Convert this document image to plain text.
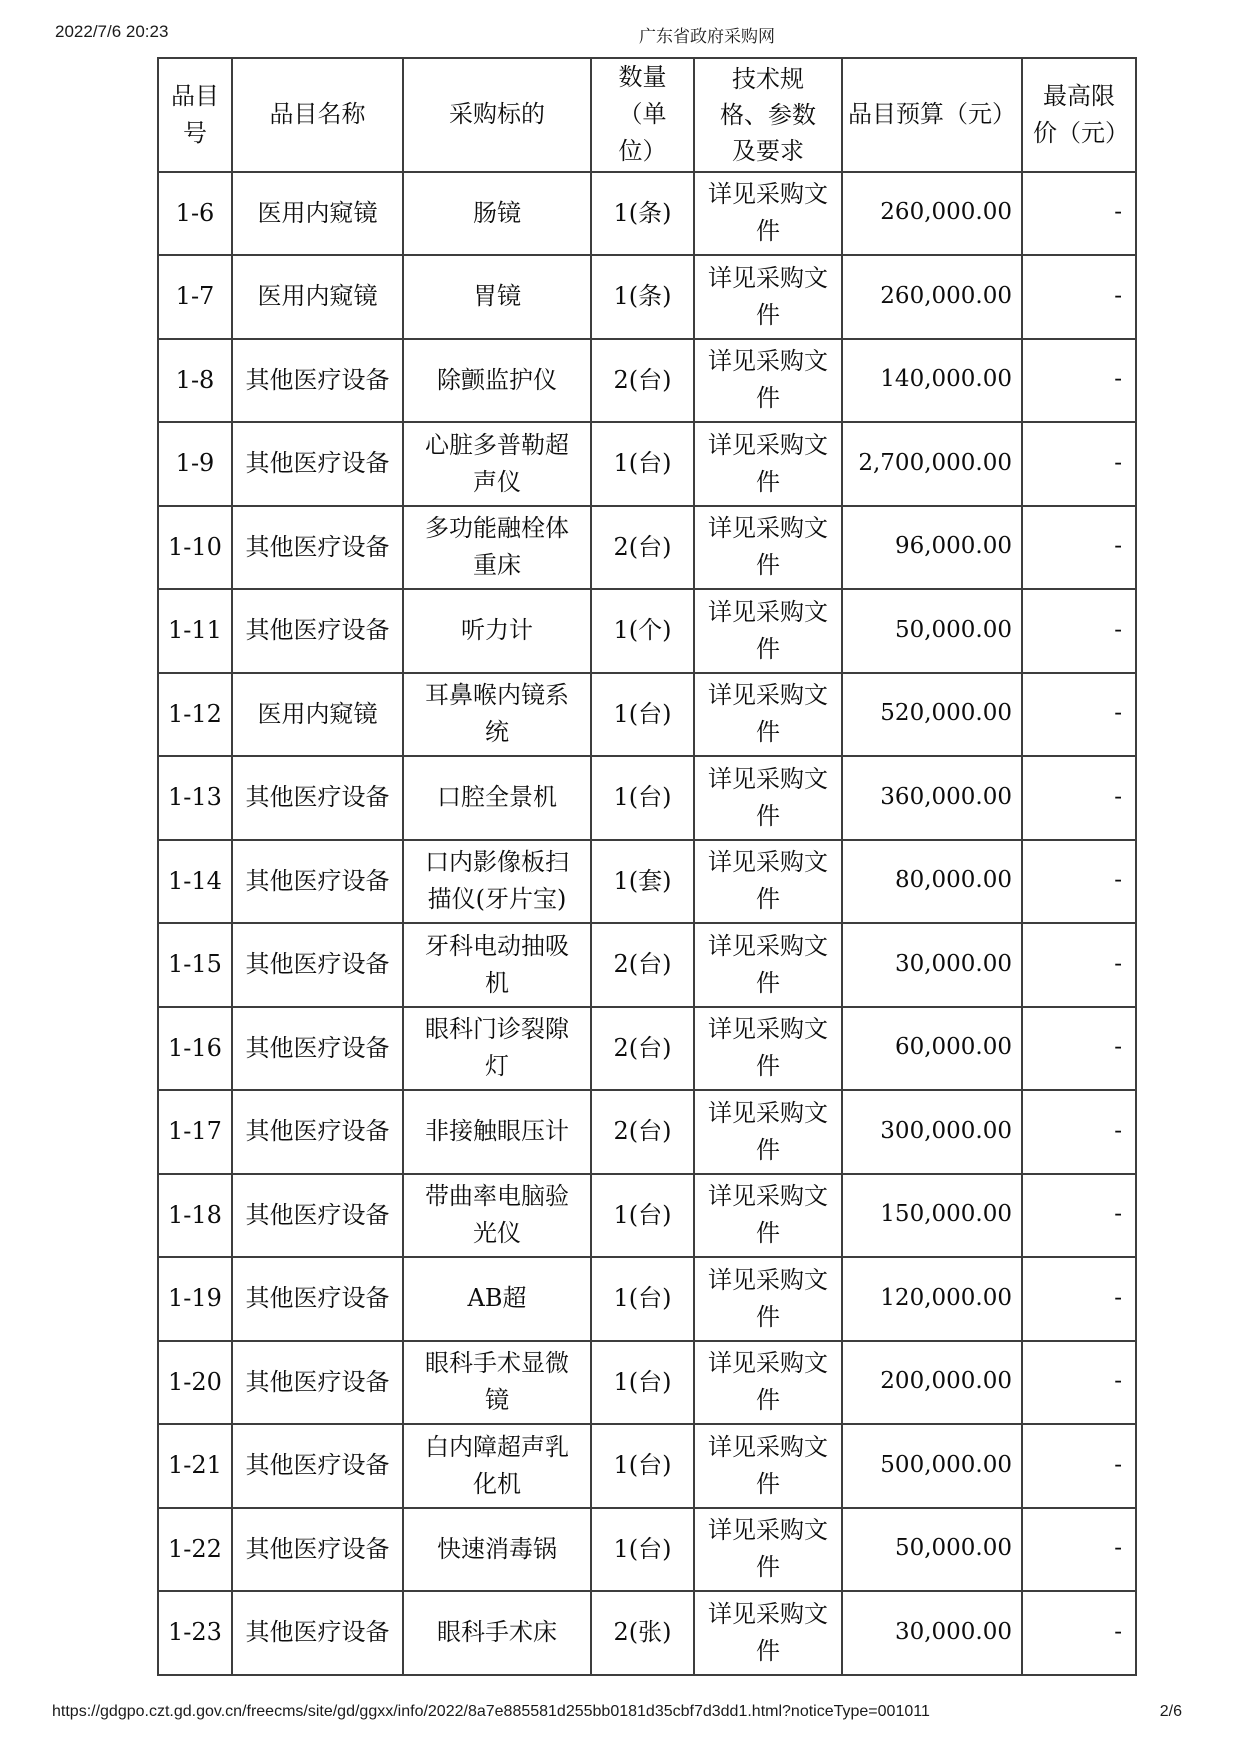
2022/7/6 20:23	广东省政府采购网
品目号	品目名称	采购标的	数量（单位）	技术规格、参数及要求	品目预算（元）	最高限价（元）
1-6	医用内窥镜	肠镜	1(条)	详见采购文件	260,000.00	-
1-7	医用内窥镜	胃镜	1(条)	详见采购文件	260,000.00	-
1-8	其他医疗设备	除颤监护仪	2(台)	详见采购文件	140,000.00	-
1-9	其他医疗设备	心脏多普勒超声仪	1(台)	详见采购文件	2,700,000.00	-
1-10	其他医疗设备	多功能融栓体重床	2(台)	详见采购文件	96,000.00	-
1-11	其他医疗设备	听力计	1(个)	详见采购文件	50,000.00	-
1-12	医用内窥镜	耳鼻喉内镜系统	1(台)	详见采购文件	520,000.00	-
1-13	其他医疗设备	口腔全景机	1(台)	详见采购文件	360,000.00	-
1-14	其他医疗设备	口内影像板扫描仪(牙片宝)	1(套)	详见采购文件	80,000.00	-
1-15	其他医疗设备	牙科电动抽吸机	2(台)	详见采购文件	30,000.00	-
1-16	其他医疗设备	眼科门诊裂隙灯	2(台)	详见采购文件	60,000.00	-
1-17	其他医疗设备	非接触眼压计	2(台)	详见采购文件	300,000.00	-
1-18	其他医疗设备	带曲率电脑验光仪	1(台)	详见采购文件	150,000.00	-
1-19	其他医疗设备	AB超	1(台)	详见采购文件	120,000.00	-
1-20	其他医疗设备	眼科手术显微镜	1(台)	详见采购文件	200,000.00	-
1-21	其他医疗设备	白内障超声乳化机	1(台)	详见采购文件	500,000.00	-
1-22	其他医疗设备	快速消毒锅	1(台)	详见采购文件	50,000.00	-
1-23	其他医疗设备	眼科手术床	2(张)	详见采购文件	30,000.00	-
https://gdgpo.czt.gd.gov.cn/freecms/site/gd/ggxx/info/2022/8a7e885581d255bb0181d35cbf7d3dd1.html?noticeType=001011	2/6
